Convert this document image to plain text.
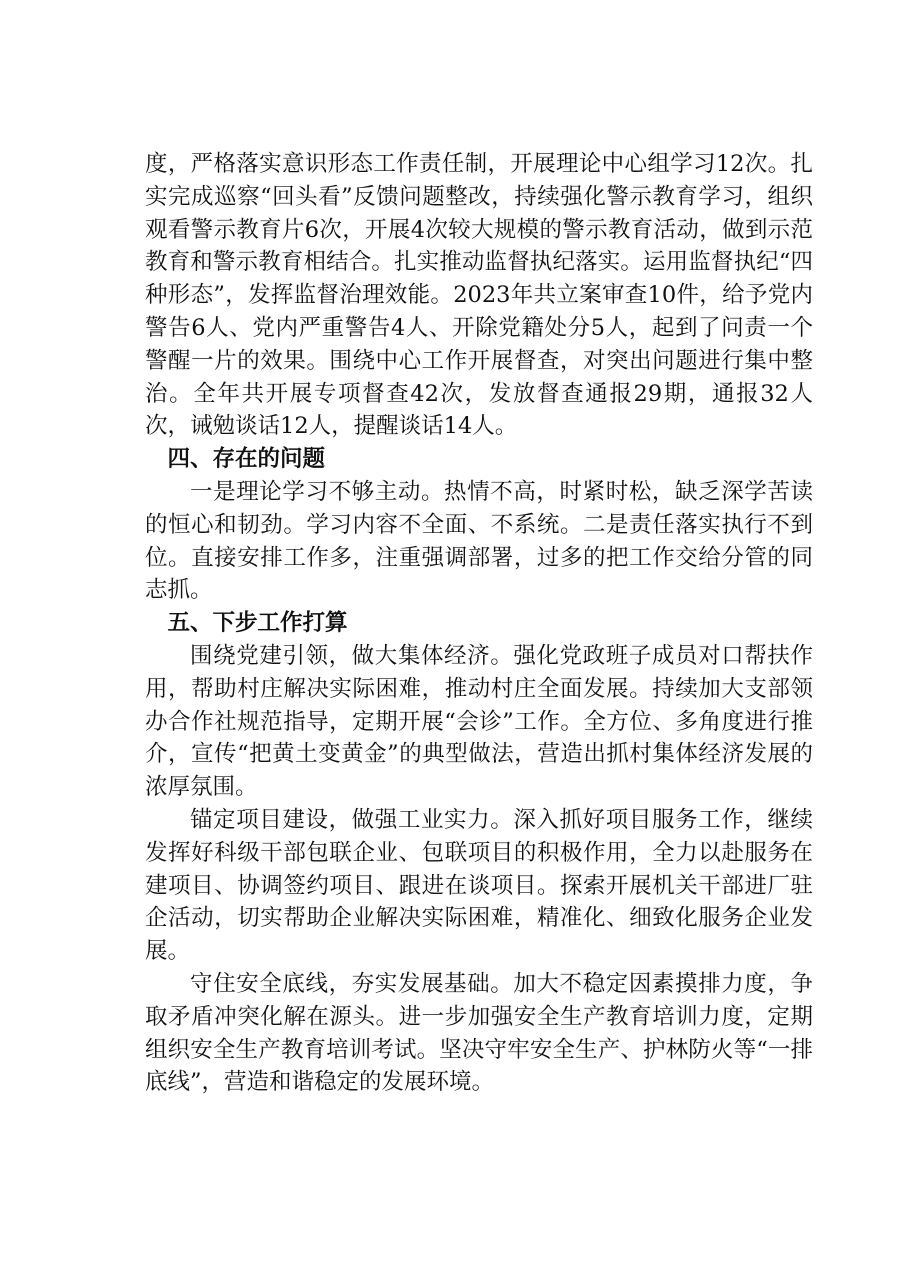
度，严格落实意识形态工作责任制，开展理论中心组学习12次。扎实完成巡察“回头看”反馈问题整改，持续强化警示教育学习，组织观看警示教育片6次，开展4次较大规模的警示教育活动，做到示范教育和警示教育相结合。扎实推动监督执纪落实。运用监督执纪“四种形态”，发挥监督治理效能。2023年共立案审查10件，给予党内警告6人、党内严重警告4人、开除党籍处分5人，起到了问责一个警醒一片的效果。围绕中心工作开展督查，对突出问题进行集中整治。全年共开展专项督查42次，发放督查通报29期，通报32人次，诫勉谈话12人，提醒谈话14人。

四、存在的问题

一是理论学习不够主动。热情不高，时紧时松，缺乏深学苦读的恒心和韧劲。学习内容不全面、不系统。二是责任落实执行不到位。直接安排工作多，注重强调部署，过多的把工作交给分管的同志抓。

五、下步工作打算

围绕党建引领，做大集体经济。强化党政班子成员对口帮扶作用，帮助村庄解决实际困难，推动村庄全面发展。持续加大支部领办合作社规范指导，定期开展“会诊”工作。全方位、多角度进行推介，宣传“把黄土变黄金”的典型做法，营造出抓村集体经济发展的浓厚氛围。

锚定项目建设，做强工业实力。深入抓好项目服务工作，继续发挥好科级干部包联企业、包联项目的积极作用，全力以赴服务在建项目、协调签约项目、跟进在谈项目。探索开展机关干部进厂驻企活动，切实帮助企业解决实际困难，精准化、细致化服务企业发展。

守住安全底线，夯实发展基础。加大不稳定因素摸排力度，争取矛盾冲突化解在源头。进一步加强安全生产教育培训力度，定期组织安全生产教育培训考试。坚决守牢安全生产、护林防火等“一排底线”，营造和谐稳定的发展环境。
